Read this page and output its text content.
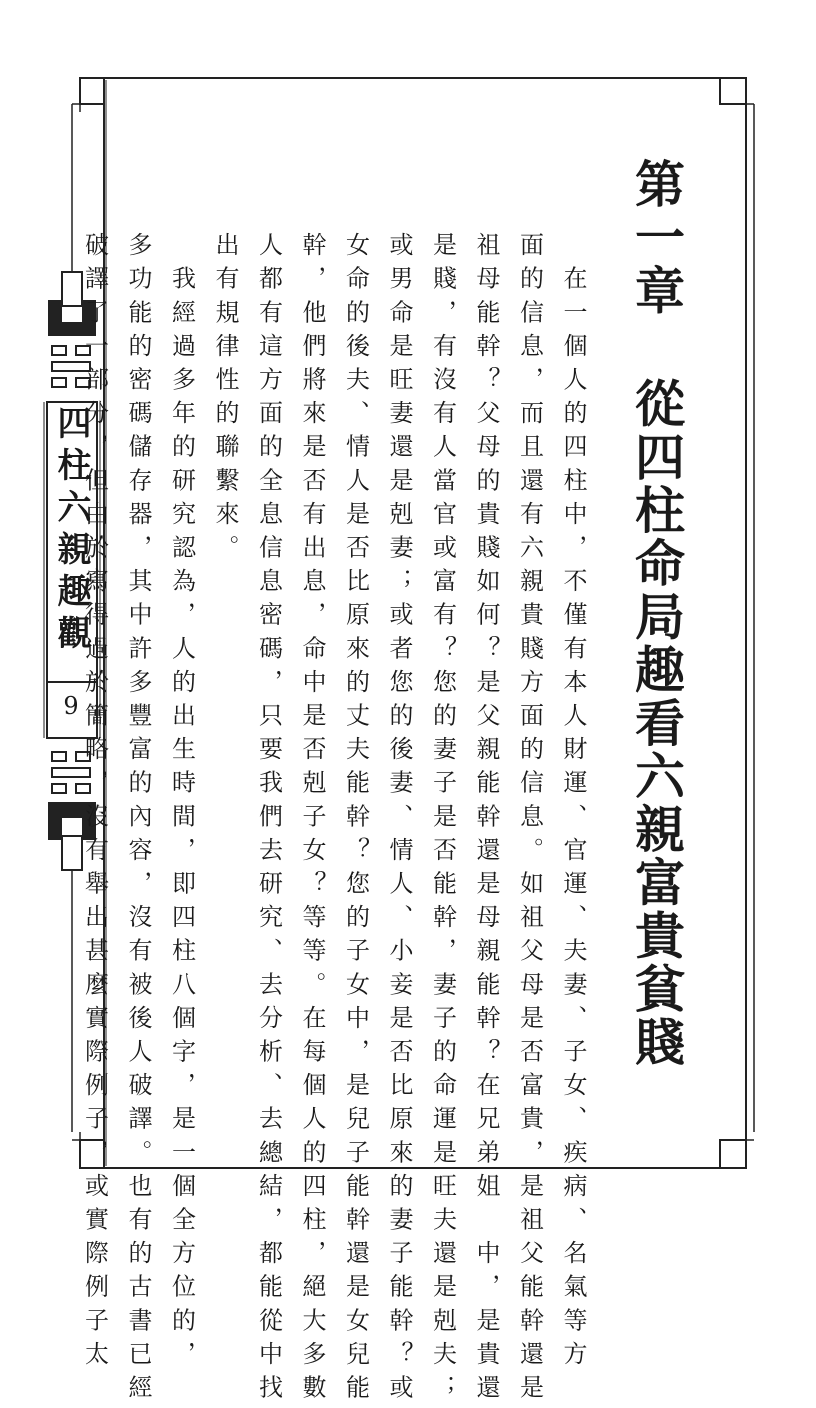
四柱六親趣觀
9
第一章從四柱命局趣看六親富貴貧賤
　在一個人的四柱中，不僅有本人財運、官運、夫妻、子女、疾病、名氣等方
面的信息，而且還有六親貴賤方面的信息。如祖父母是否富貴，是祖父能幹還是
祖母能幹？父母的貴賤如何？是父親能幹還是母親能幹？在兄弟姐　中，是貴還
是賤，有沒有人當官或富有？您的妻子是否能幹，妻子的命運是旺夫還是剋夫；
或男命是旺妻還是剋妻；或者您的後妻、情人、小妾是否比原來的妻子能幹？或
女命的後夫、情人是否比原來的丈夫能幹？您的子女中，是兒子能幹還是女兒能
幹，他們將來是否有出息，命中是否剋子女？等等。在每個人的四柱，絕大多數
人都有這方面的全息信息密碼，只要我們去研究、去分析、去總結，都能從中找
出有規律性的聯繫來。
　我經過多年的研究認為，人的出生時間，即四柱八個字，是一個全方位的，
多功能的密碼儲存器，其中許多豐富的內容，沒有被後人破譯。也有的古書已經
破譯了一部分，但由於寫得過於簡略，沒有舉出甚麼實際例子，或實際例子太
